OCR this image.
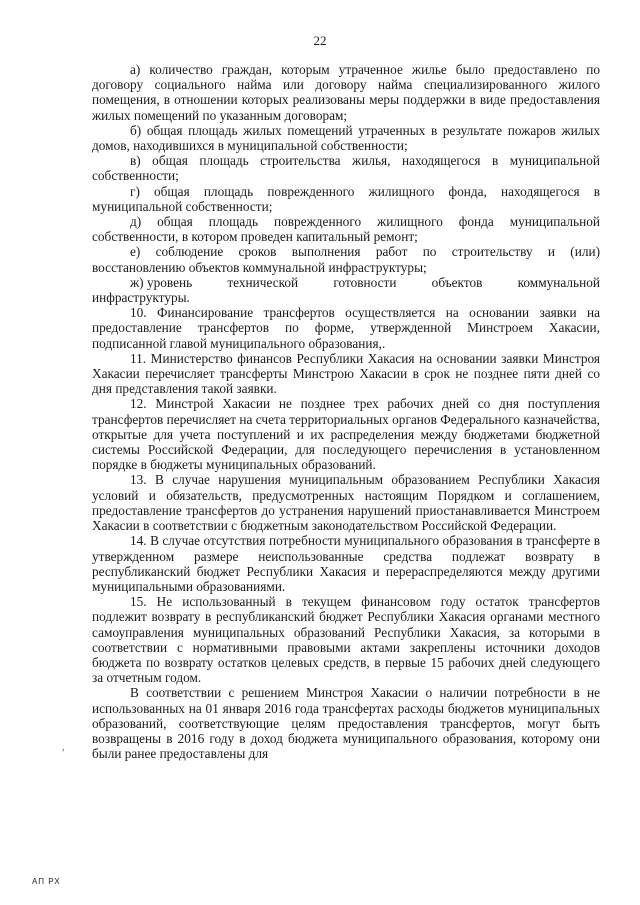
22

а) количество граждан, которым утраченное жилье было предоставлено по договору социального найма или договору найма специализированного жилого помещения, в отношении которых реализованы меры поддержки в виде предоставления жилых помещений по указанным договорам;

б) общая площадь жилых помещений утраченных в результате пожаров жилых домов, находившихся в муниципальной собственности;

в) общая площадь строительства жилья, находящегося в муниципальной собственности;

г) общая площадь поврежденного жилищного фонда, находящегося в муниципальной собственности;

д) общая площадь поврежденного жилищного фонда муниципальной собственности, в котором проведен капитальный ремонт;

е) соблюдение сроков выполнения работ по строительству и (или) восстановлению объектов коммунальной инфраструктуры;

ж) уровень	технической	готовности	объектов	коммунальной

инфраструктуры.

10. Финансирование трансфертов осуществляется на основании заявки на предоставление трансфертов по форме, утвержденной Минстроем Хакасии, подписанной главой муниципального образования,.

11. Министерство финансов Республики Хакасия на основании заявки Минстроя Хакасии перечисляет трансферты Минстрою Хакасии в срок не позднее пяти дней со дня представления такой заявки.

12. Минстрой Хакасии не позднее трех рабочих дней со дня поступления трансфертов перечисляет на счета территориальных органов Федерального казначейства, открытые для учета поступлений и их распределения между бюджетами бюджетной системы Российской Федерации, для последующего перечисления в установленном порядке в бюджеты муниципальных образований.

13. В случае нарушения муниципальным образованием Республики Хакасия условий и обязательств, предусмотренных настоящим Порядком и соглашением, предоставление трансфертов до устранения нарушений приостанавливается Минстроем Хакасии в соответствии с бюджетным законодательством Российской Федерации.

14. В случае отсутствия потребности муниципального образования в трансферте в утвержденном размере неиспользованные средства подлежат возврату в республиканский бюджет Республики Хакасия и перераспределяются между другими муниципальными образованиями.

15. Не использованный в текущем финансовом году остаток трансфертов подлежит возврату в республиканский бюджет Республики Хакасия органами местного самоуправления муниципальных образований Республики Хакасия, за которыми в соответствии с нормативными правовыми актами закреплены источники доходов бюджета по возврату остатков целевых средств, в первые 15 рабочих дней следующего за отчетным годом.

В соответствии с решением Минстроя Хакасии о наличии потребности в не использованных на 01 января 2016 года трансфертах расходы бюджетов муниципальных образований, соответствующие целям предоставления трансфертов, могут быть возвращены в 2016 году в доход бюджета муниципального образования, которому они были ранее предоставлены для

,
АП РХ
